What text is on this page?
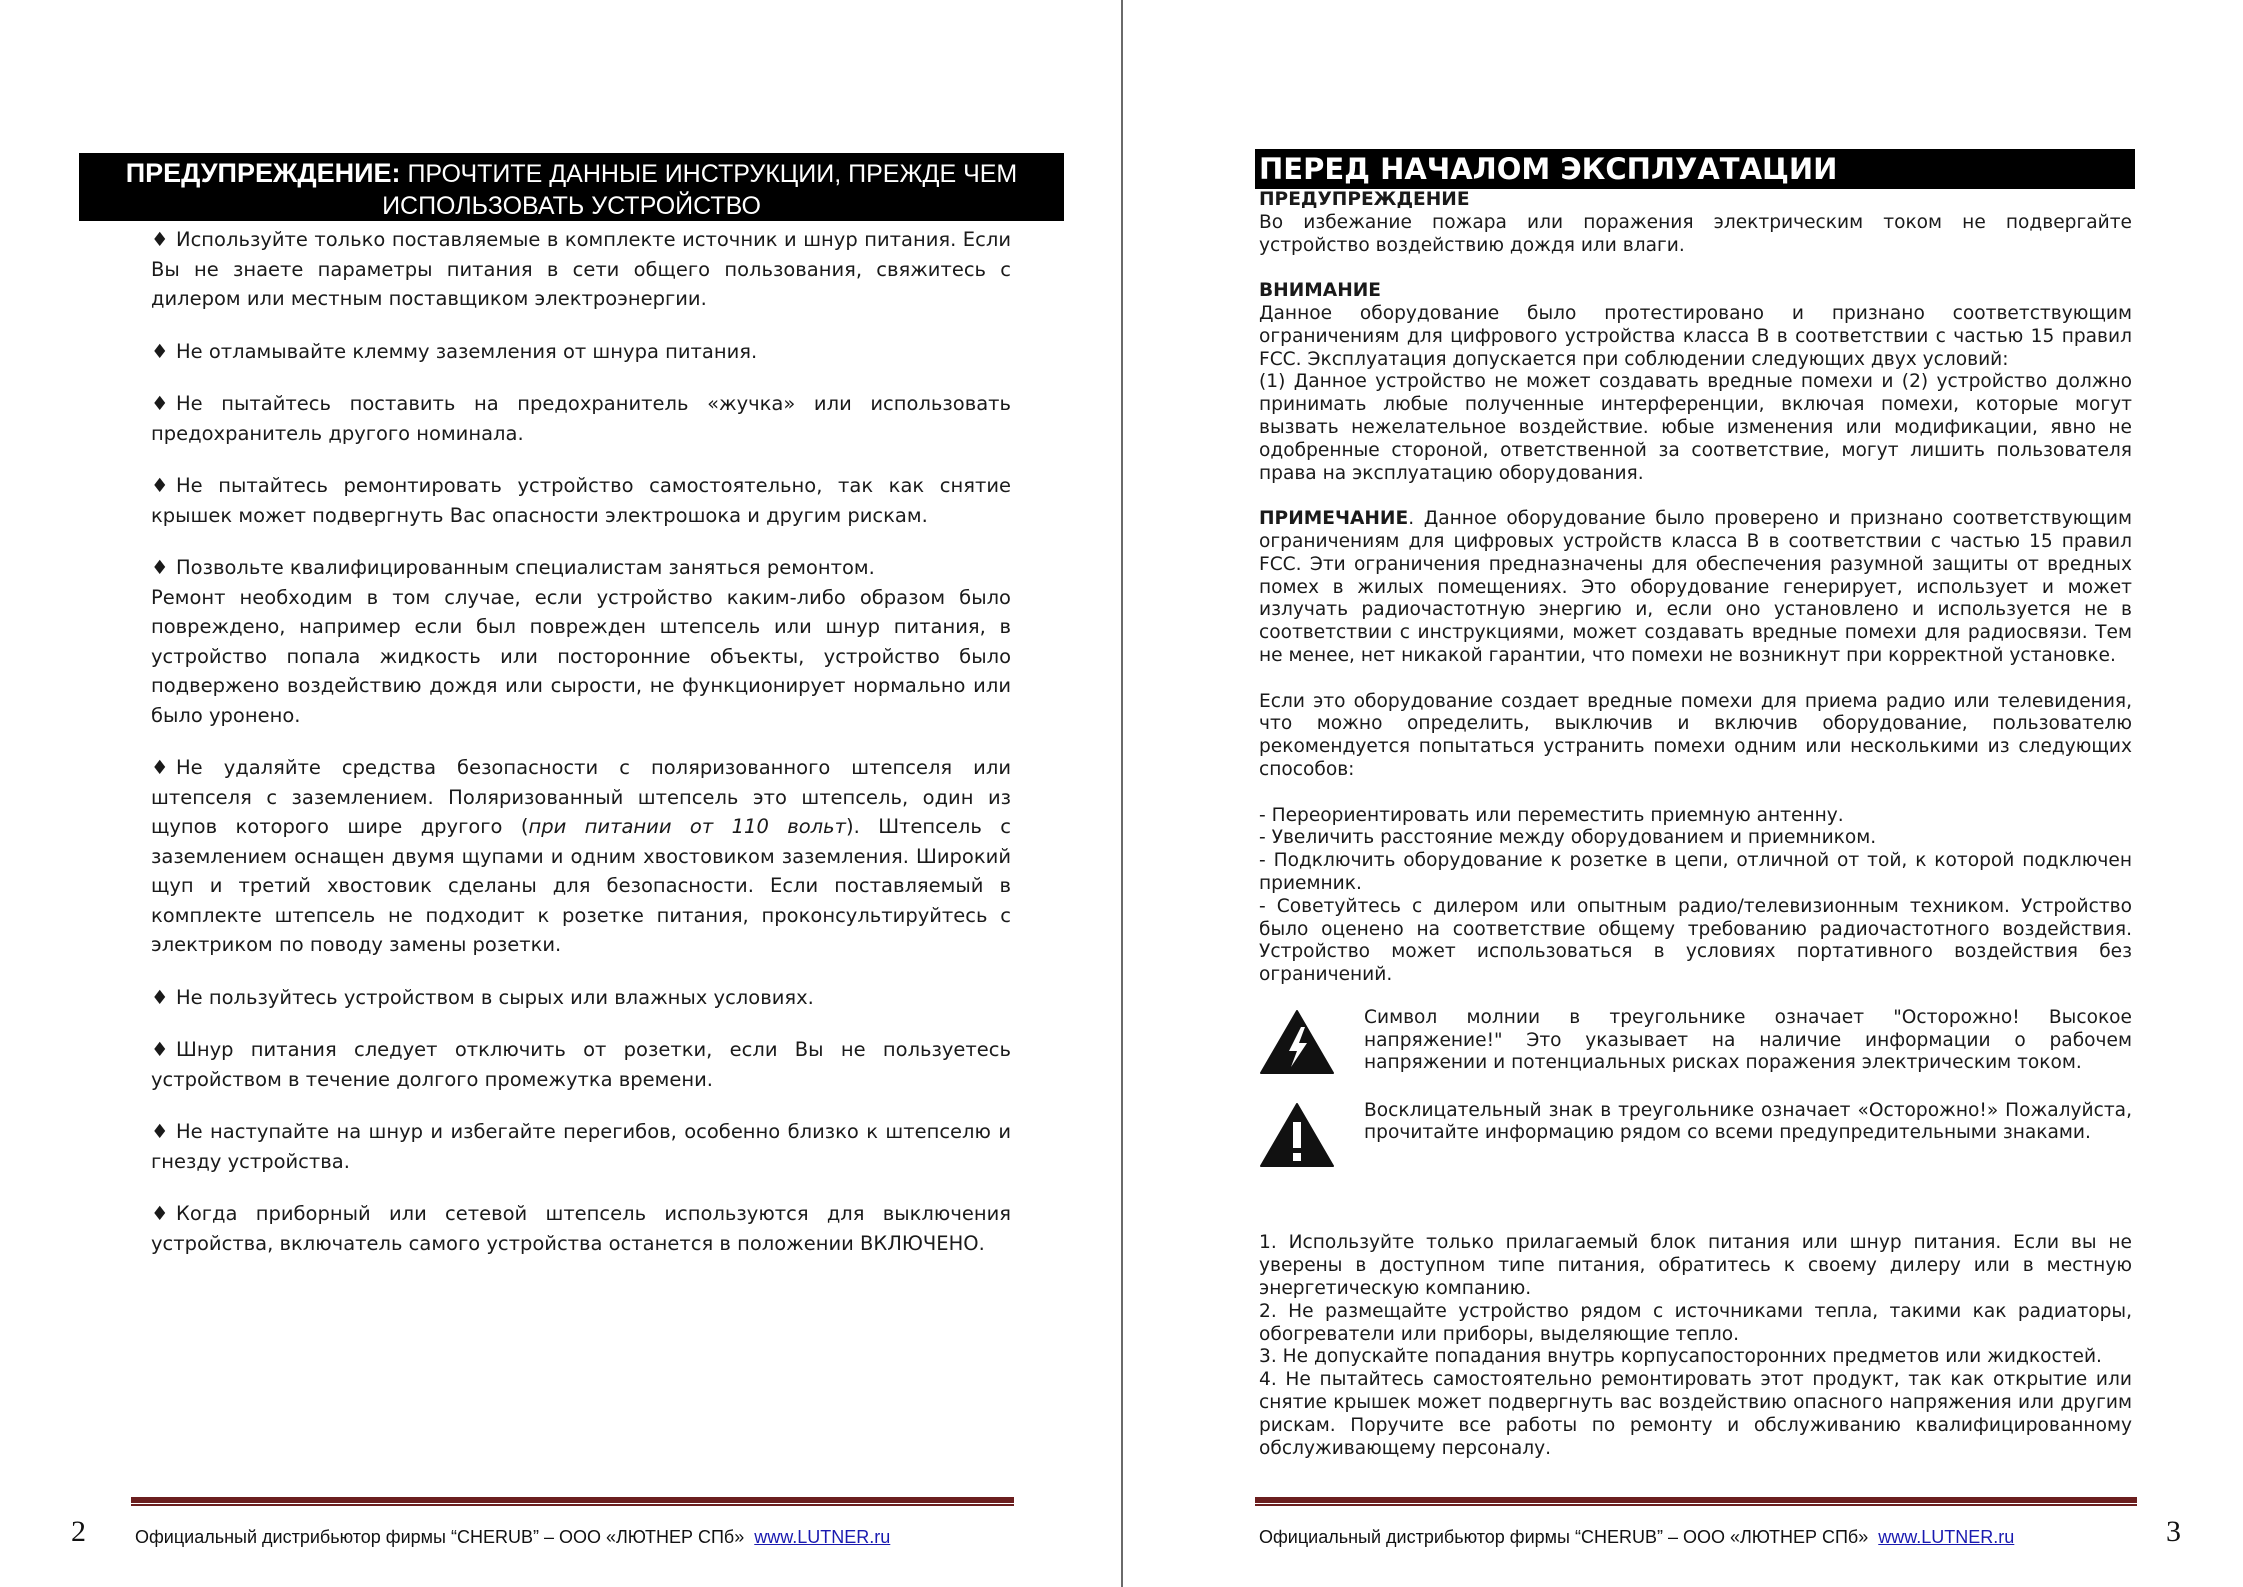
ПРЕДУПРЕЖДЕНИЕ: ПРОЧТИТЕ ДАННЫЕ ИНСТРУКЦИИ, ПРЕЖДЕ ЧЕМ
ИСПОЛЬЗОВАТЬ УСТРОЙСТВО
♦ Используйте только поставляемые в комплекте источник и шнур питания. Если Вы не знаете параметры питания в сети общего пользования, свяжитесь с дилером или местным поставщиком электроэнергии.
♦ Не отламывайте клемму заземления от шнура питания.
♦ Не пытайтесь поставить на предохранитель «жучка» или использовать предохранитель другого номинала.
♦ Не пытайтесь ремонтировать устройство самостоятельно, так как снятие крышек может подвергнуть Вас опасности электрошока и другим рискам.
♦ Позвольте квалифицированным специалистам заняться ремонтом.
Ремонт необходим в том случае, если устройство каким-либо образом было повреждено, например если был поврежден штепсель или шнур питания, в устройство попала жидкость или посторонние объекты, устройство было подвержено воздействию дождя или сырости, не функционирует нормально или было уронено.
♦ Не удаляйте средства безопасности с поляризованного штепселя или штепселя с заземлением. Поляризованный штепсель это штепсель, один из щупов которого шире другого (при питании от 110 вольт). Штепсель с заземлением оснащен двумя щупами и одним хвостовиком заземления. Широкий щуп и третий хвостовик сделаны для безопасности. Если поставляемый в комплекте штепсель не подходит к розетке питания, проконсультируйтесь с электриком по поводу замены розетки.
♦ Не пользуйтесь устройством в сырых или влажных условиях.
♦ Шнур питания следует отключить от розетки, если Вы не пользуетесь устройством в течение долгого промежутка времени.
♦ Не наступайте на шнур и избегайте перегибов, особенно близко к штепселю и гнезду устройства.
♦ Когда приборный или сетевой штепсель используются для выключения устройства, включатель самого устройства останется в положении ВКЛЮЧЕНО.
Официальный дистрибьютор фирмы “CHERUB” – ООО «ЛЮТНЕР СПб» www.LUTNER.ru
2
ПЕРЕД НАЧАЛОМ ЭКСПЛУАТАЦИИ

ПРЕДУПРЕЖДЕНИЕ

Во избежание пожара или поражения электрическим током не подвергайте устройство воздействию дождя или влаги.

ВНИМАНИЕ

Данное оборудование было протестировано и признано соответствующим ограничениям для цифрового устройства класса B в соответствии с частью 15 правил FCC. Эксплуатация допускается при соблюдении следующих двух условий:

(1) Данное устройство не может создавать вредные помехи и (2) устройство должно принимать любые полученные интерференции, включая помехи, которые могут вызвать нежелательное воздействие. юбые изменения или модификации, явно не одобренные стороной, ответственной за соответствие, могут лишить пользователя права на эксплуатацию оборудования.

ПРИМЕЧАНИЕ. Данное оборудование было проверено и признано соответствующим ограничениям для цифровых устройств класса B в соответствии с частью 15 правил FCC. Эти ограничения предназначены для обеспечения разумной защиты от вредных помех в жилых помещениях. Это оборудование генерирует, использует и может излучать радиочастотную энергию и, если оно установлено и используется не в соответствии с инструкциями, может создавать вредные помехи для радиосвязи. Тем не менее, нет никакой гарантии, что помехи не возникнут при корректной установке.

Если это оборудование создает вредные помехи для приема радио или телевидения, что можно определить, выключив и включив оборудование, пользователю рекомендуется попытаться устранить помехи одним или несколькими из следующих способов:

- Переориентировать или переместить приемную антенну.

- Увеличить расстояние между оборудованием и приемником.

- Подключить оборудование к розетке в цепи, отличной от той, к которой подключен приемник.

- Советуйтесь с дилером или опытным радио/телевизионным техником. Устройство было оценено на соответствие общему требованию радиочастотного воздействия. Устройство может использоваться в условиях портативного воздействия без ограничений.

Символ молнии в треугольнике означает "Осторожно! Высокое напряжение!" Это указывает на наличие информации о рабочем напряжении и потенциальных рисках поражения электрическим током.
Восклицательный знак в треугольнике означает «Осторожно!» Пожалуйста, прочитайте информацию рядом со всеми предупредительными знаками.

1. Используйте только прилагаемый блок питания или шнур питания. Если вы не уверены в доступном типе питания, обратитесь к своему дилеру или в местную энергетическую компанию.

2. Не размещайте устройство рядом с источниками тепла, такими как радиаторы, обогреватели или приборы, выделяющие тепло.

3. Не допускайте попадания внутрь корпусапосторонних предметов или жидкостей.

4. Не пытайтесь самостоятельно ремонтировать этот продукт, так как открытие или снятие крышек может подвергнуть вас воздействию опасного напряжения или другим рискам. Поручите все работы по ремонту и обслуживанию квалифицированному обслуживающему персоналу.

Официальный дистрибьютор фирмы “CHERUB” – ООО «ЛЮТНЕР СПб» www.LUTNER.ru	3
